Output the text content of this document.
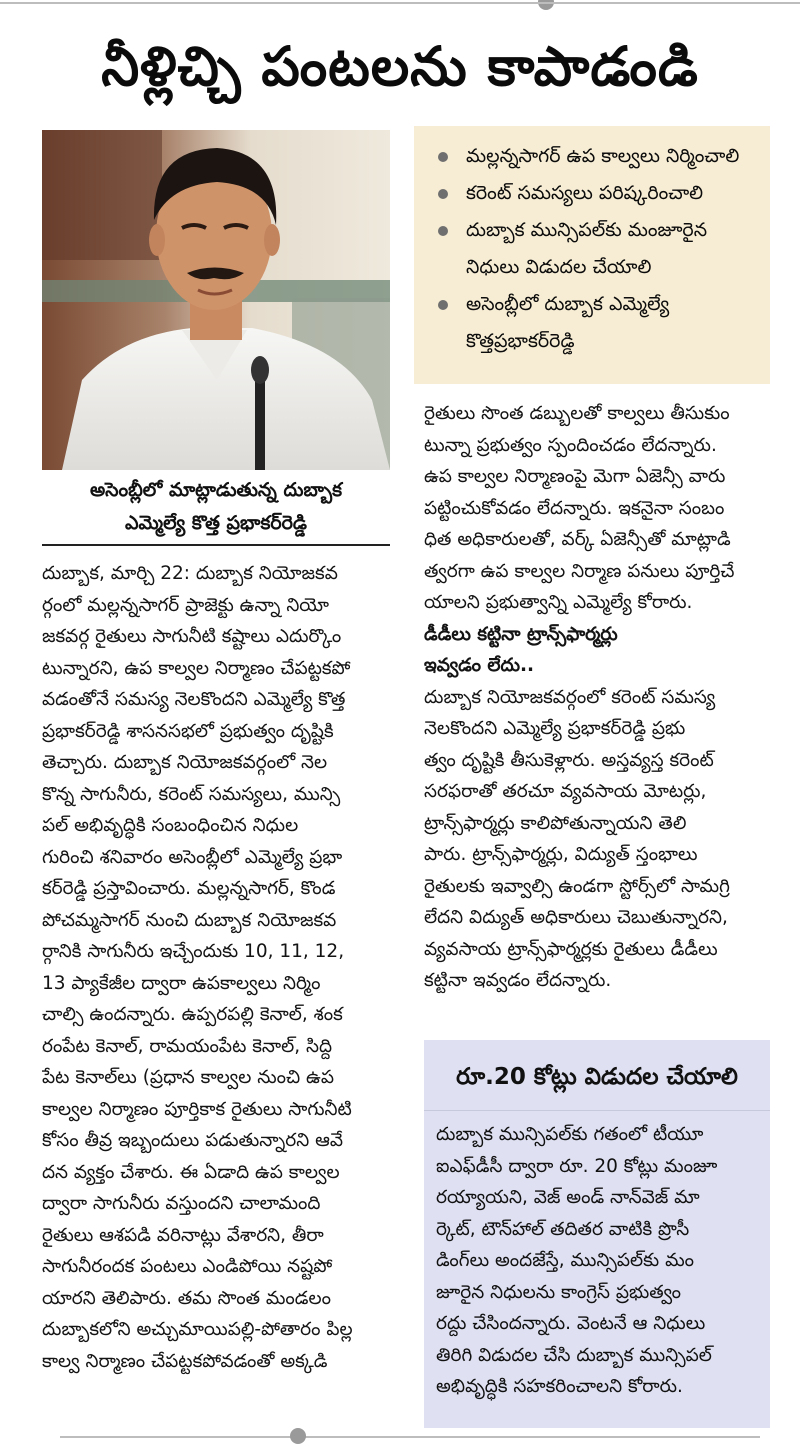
నీళ్లిచ్చి పంటలను కాపాడండి
అసెంబ్లీలో మాట్లాడుతున్న దుబ్బాక
ఎమ్మెల్యే కొత్త ప్రభాకర్‌రెడ్డి
మల్లన్నసాగర్ ఉప కాల్వలు నిర్మించాలి
కరెంట్ సమస్యలు పరిష్కరించాలి
దుబ్బాక మున్సిపల్‌కు మంజూరైన
నిధులు విడుదల చేయాలి
అసెంబ్లీలో దుబ్బాక ఎమ్మెల్యే
కొత్తప్రభాకర్‌రెడ్డి
దుబ్బాక, మార్చి 22: దుబ్బాక నియోజకవ
ర్గంలో మల్లన్నసాగర్ ప్రాజెక్టు ఉన్నా నియో
జకవర్గ రైతులు సాగునీటి కష్టాలు ఎదుర్కొం
టున్నారని, ఉప కాల్వల నిర్మాణం చేపట్టకపో
వడంతోనే సమస్య నెలకొందని ఎమ్మెల్యే కొత్త
ప్రభాకర్‌రెడ్డి శాసనసభలో ప్రభుత్వం దృష్టికి
తెచ్చారు. దుబ్బాక నియోజకవర్గంలో నెల
కొన్న సాగునీరు, కరెంట్ సమస్యలు, మున్సి
పల్ అభివృద్ధికి సంబంధించిన నిధుల
గురించి శనివారం అసెంబ్లీలో ఎమ్మెల్యే ప్రభా
కర్‌రెడ్డి ప్రస్తావించారు. మల్లన్నసాగర్, కొండ
పోచమ్మసాగర్ నుంచి దుబ్బాక నియోజకవ
ర్గానికి సాగునీరు ఇచ్చేందుకు 10, 11, 12,
13 ప్యాకేజీల ద్వారా ఉపకాల్వలు నిర్మిం
చాల్సి ఉందన్నారు. ఉప్పరపల్లి కెనాల్, శంక
రంపేట కెనాల్, రామయంపేట కెనాల్, సిద్ది
పేట కెనాల్‌లు (ప్రధాన కాల్వల నుంచి ఉప
కాల్వల నిర్మాణం పూర్తికాక రైతులు సాగునీటి
కోసం తీవ్ర ఇబ్బందులు పడుతున్నారని ఆవే
దన వ్యక్తం చేశారు. ఈ ఏడాది ఉప కాల్వల
ద్వారా సాగునీరు వస్తుందని చాలామంది
రైతులు ఆశపడి వరినాట్లు వేశారని, తీరా
సాగునీరందక పంటలు ఎండిపోయి నష్టపో
యారని తెలిపారు. తమ సొంత మండలం
దుబ్బాకలోని అచ్చుమాయిపల్లి-పోతారం పిల్ల
కాల్వ నిర్మాణం చేపట్టకపోవడంతో అక్కడి
రైతులు సొంత డబ్బులతో కాల్వలు తీసుకుం
టున్నా ప్రభుత్వం స్పందించడం లేదన్నారు.
ఉప కాల్వల నిర్మాణంపై మెగా ఏజెన్సీ వారు
పట్టించుకోవడం లేదన్నారు. ఇకనైనా సంబం
ధిత అధికారులతో, వర్క్ ఏజెన్సీతో మాట్లాడి
త్వరగా ఉప కాల్వల నిర్మాణ పనులు పూర్తిచే
యాలని ప్రభుత్వాన్ని ఎమ్మెల్యే కోరారు.
డీడీలు కట్టినా ట్రాన్స్‌ఫార్మర్లు
ఇవ్వడం లేదు..
దుబ్బాక నియోజకవర్గంలో కరెంట్ సమస్య
నెలకొందని ఎమ్మెల్యే ప్రభాకర్‌రెడ్డి ప్రభు
త్వం దృష్టికి తీసుకెళ్లారు. అస్తవ్యస్త కరెంట్
సరఫరాతో తరచూ వ్యవసాయ మోటర్లు,
ట్రాన్స్‌ఫార్మర్లు కాలిపోతున్నాయని తెలి
పారు. ట్రాన్స్‌ఫార్మర్లు, విద్యుత్ స్తంభాలు
రైతులకు ఇవ్వాల్సి ఉండగా స్టోర్స్‌లో సామగ్రి
లేదని విద్యుత్ అధికారులు చెబుతున్నారని,
వ్యవసాయ ట్రాన్స్‌ఫార్మర్లకు రైతులు డీడీలు
కట్టినా ఇవ్వడం లేదన్నారు.
రూ.20 కోట్లు విడుదల చేయాలి
దుబ్బాక మున్సిపల్‌కు గతంలో టీయూ
ఐఎఫ్‌డీసీ ద్వారా రూ. 20 కోట్లు మంజూ
రయ్యాయని, వెజ్ అండ్ నాన్‌వెజ్ మా
ర్కెట్, టౌన్‌హాల్ తదితర వాటికి ప్రొసీ
డింగ్‌లు అందజేస్తే, మున్సిపల్‌కు మం
జూరైన నిధులను కాంగ్రెస్ ప్రభుత్వం
రద్దు చేసిందన్నారు. వెంటనే ఆ నిధులు
తిరిగి విడుదల చేసి దుబ్బాక మున్సిపల్
అభివృద్ధికి సహకరించాలని కోరారు.
